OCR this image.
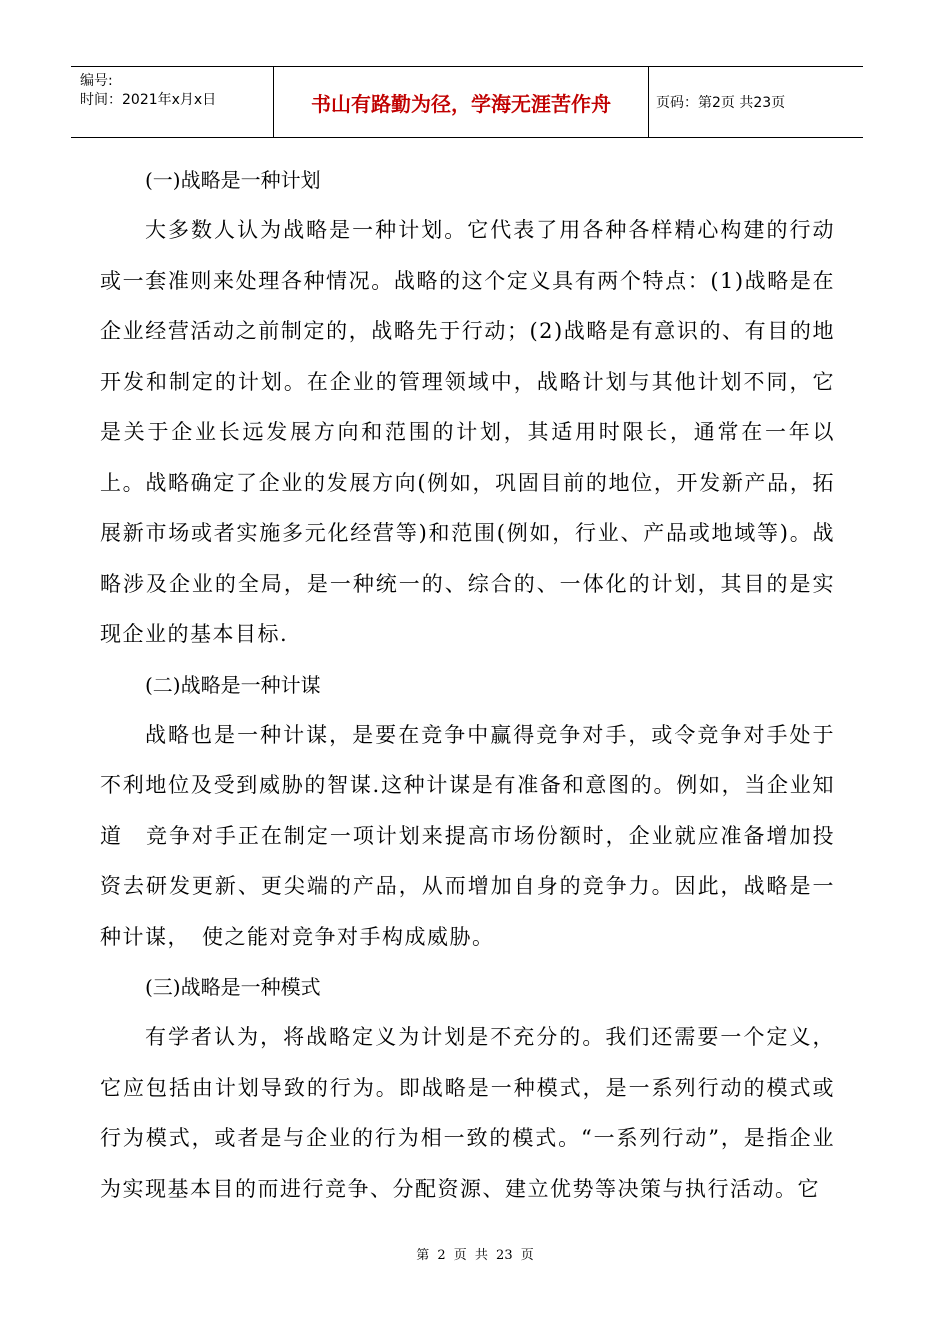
编号:
时间：2021年x月x日	书山有路勤为径，学海无涯苦作舟	页码：第2页 共23页

(一)战略是一种计划

大多数人认为战略是一种计划。它代表了用各种各样精心构建的行动或一套准则来处理各种情况。战略的这个定义具有两个特点：(1)战略是在企业经营活动之前制定的，战略先于行动；(2)战略是有意识的、有目的地开发和制定的计划。在企业的管理领域中，战略计划与其他计划不同，它是关于企业长远发展方向和范围的计划，其适用时限长，通常在一年以上。战略确定了企业的发展方向(例如，巩固目前的地位，开发新产品，拓展新市场或者实施多元化经营等)和范围(例如，行业、产品或地域等)。战略涉及企业的全局，是一种统一的、综合的、一体化的计划，其目的是实现企业的基本目标.

(二)战略是一种计谋

战略也是一种计谋，是要在竞争中赢得竞争对手，或令竞争对手处于不利地位及受到威胁的智谋.这种计谋是有准备和意图的。例如，当企业知道　竞争对手正在制定一项计划来提高市场份额时，企业就应准备增加投资去研发更新、更尖端的产品，从而增加自身的竞争力。因此，战略是一种计谋，　使之能对竞争对手构成威胁。

(三)战略是一种模式

有学者认为，将战略定义为计划是不充分的。我们还需要一个定义，它应包括由计划导致的行为。即战略是一种模式，是一系列行动的模式或行为模式，或者是与企业的行为相一致的模式。“一系列行动”，是指企业为实现基本目的而进行竞争、分配资源、建立优势等决策与执行活动。它

第 2 页 共 23 页
